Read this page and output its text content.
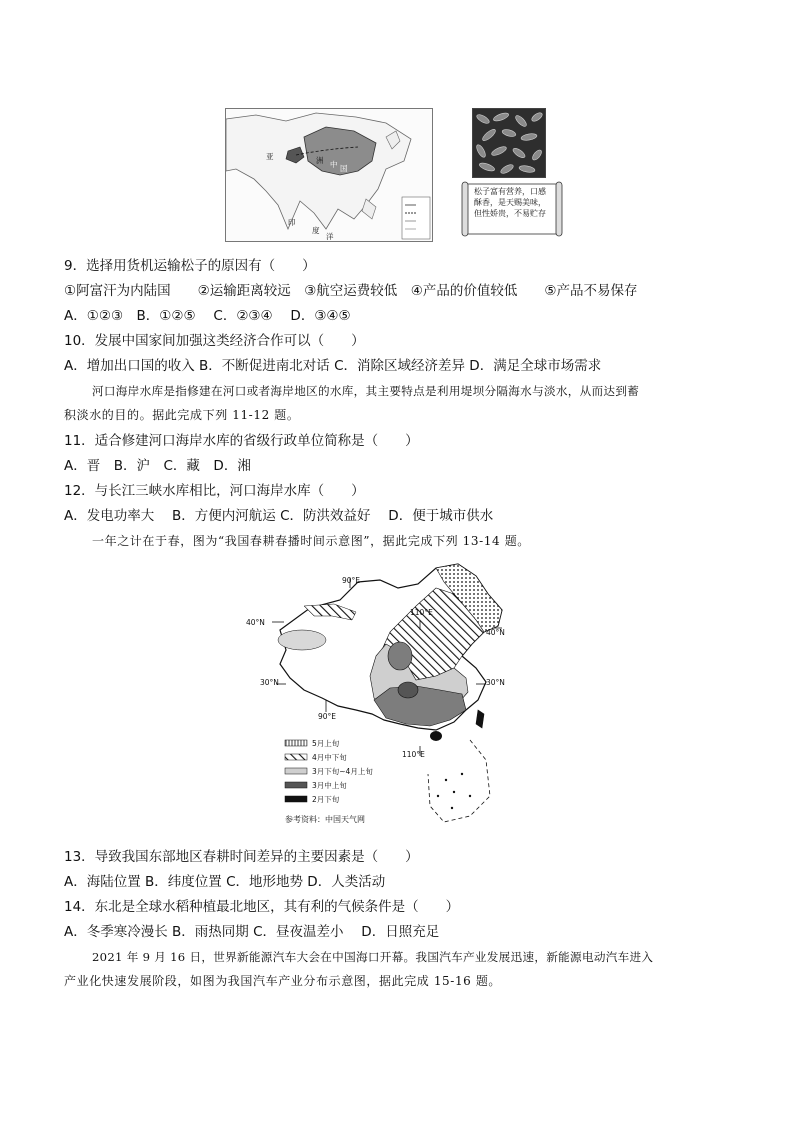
亚	洲 中 国
印
度
洋
松子富有营养，口感酥香，是天赐美味，但性娇贵，不易贮存
9．选择用货机运输松子的原因有（　　）
①阿富汗为内陆国　　②运输距离较远　③航空运费较低　④产品的价值较低　　⑤产品不易保存
A．①②③　B．①②⑤　 C．②③④　 D．③④⑤
10．发展中国家间加强这类经济合作可以（　　）
A．增加出口国的收入 B．不断促进南北对话 C．消除区域经济差异 D．满足全球市场需求
河口海岸水库是指修建在河口或者海岸地区的水库，其主要特点是利用堤坝分隔海水与淡水，从而达到蓄
积淡水的目的。据此完成下列 11-12 题。
11．适合修建河口海岸水库的省级行政单位简称是（　　）
A．晋　B．沪　C．藏　D．湘
12．与长江三峡水库相比，河口海岸水库（　　）
A．发电功率大　 B．方便内河航运 C．防洪效益好　 D．便于城市供水
一年之计在于春，图为“我国春耕春播时间示意图”，据此完成下列 13-14 题。
90°E
110°E
40°N
40°N
30°N	30°N
90°E
110°E
5月上旬
4月中下旬
3月下旬~4月上旬
3月中上旬
2月下旬
参考资料：中国天气网
13．导致我国东部地区春耕时间差异的主要因素是（　　）
A．海陆位置 B．纬度位置 C．地形地势 D．人类活动
14．东北是全球水稻种植最北地区，其有利的气候条件是（　　）
A．冬季寒冷漫长 B．雨热同期 C．昼夜温差小　 D．日照充足
2021 年 9 月 16 日，世界新能源汽车大会在中国海口开幕。我国汽车产业发展迅速，新能源电动汽车进入
产业化快速发展阶段，如图为我国汽车产业分布示意图，据此完成 15-16 题。
